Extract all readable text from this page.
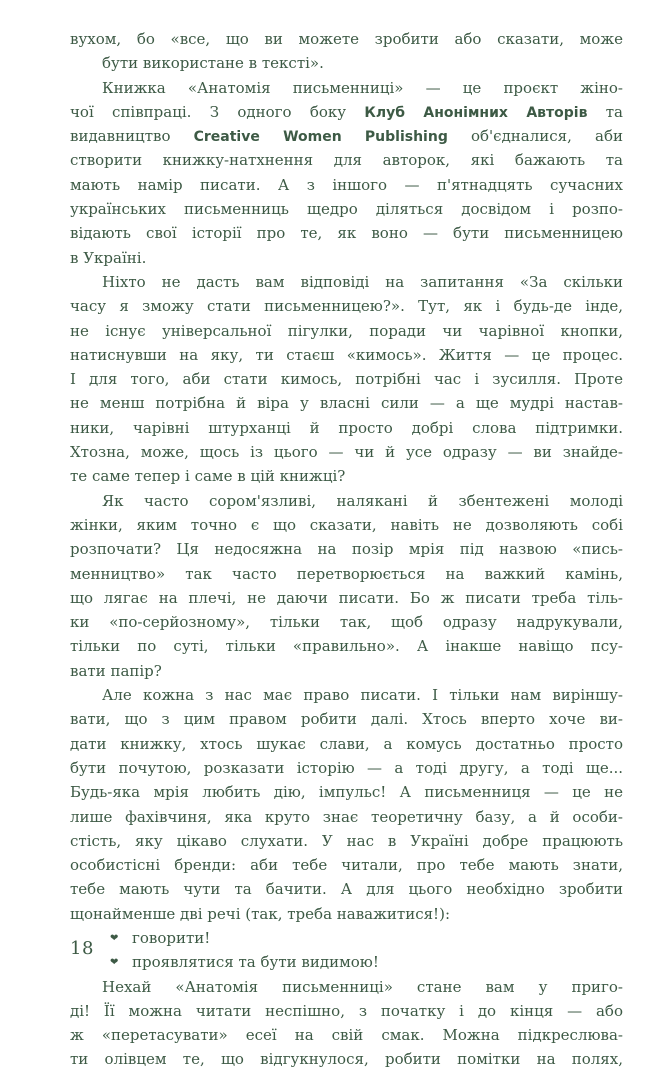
вухом, бо «все, що ви можете зробити або сказати, може
бути використане в тексті».
Книжка «Анатомія письменниці» — це проєкт жіно-
чої співпраці. З одного боку Клуб Анонімних Авторів та
видавництво Creative Women Publishing об'єдналися, аби
створити книжку-натхнення для авторок, які бажають та
мають намір писати. А з іншого — п'ятнадцять сучасних
українських письменниць щедро діляться досвідом і розпо-
відають свої історії про те, як воно — бути письменницею
в Україні.
Ніхто не дасть вам відповіді на запитання «За скільки
часу я зможу стати письменницею?». Тут, як і будь-де інде,
не існує універсальної пігулки, поради чи чарівної кнопки,
натиснувши на яку, ти стаєш «кимось». Життя — це процес.
І для того, аби стати кимось, потрібні час і зусилля. Проте
не менш потрібна й віра у власні сили — а ще мудрі настав-
ники, чарівні штурханці й просто добрі слова підтримки.
Хтозна, може, щось із цього — чи й усе одразу — ви знайде-
те саме тепер і саме в цій книжці?
Як часто сором'язливі, налякані й збентежені молоді
жінки, яким точно є що сказати, навіть не дозволяють собі
розпочати? Ця недосяжна на позір мрія під назвою «пись-
менництво» так часто перетворюється на важкий камінь,
що лягає на плечі, не даючи писати. Бо ж писати треба тіль-
ки «по-серйозному», тільки так, щоб одразу надрукували,
тільки по суті, тільки «правильно». А інакше навіщо псу-
вати папір?
Але кожна з нас має право писати. І тільки нам виріншу-
вати, що з цим правом робити далі. Хтось вперто хоче ви-
дати книжку, хтось шукає слави, а комусь достатньо просто
бути почутою, розказати історію — а тоді другу, а тоді ще...
Будь-яка мрія любить дію, імпульс! А письменниця — це не
лише фахівчиня, яка круто знає теоретичну базу, а й особи-
стість, яку цікаво слухати. У нас в Україні добре працюють
особистісні бренди: аби тебе читали, про тебе мають знати,
тебе мають чути та бачити. А для цього необхідно зробити
щонайменше дві речі (так, треба наважитися!):
❤ говорити!
❤ проявлятися та бути видимою!
Нехай «Анатомія письменниці» стане вам у приго-
ді! Її можна читати неспішно, з початку і до кінця — або
ж «перетасувати» есеї на свій смак. Можна підкреслюва-
ти олівцем те, що відгукнулося, робити помітки на полях,
18
